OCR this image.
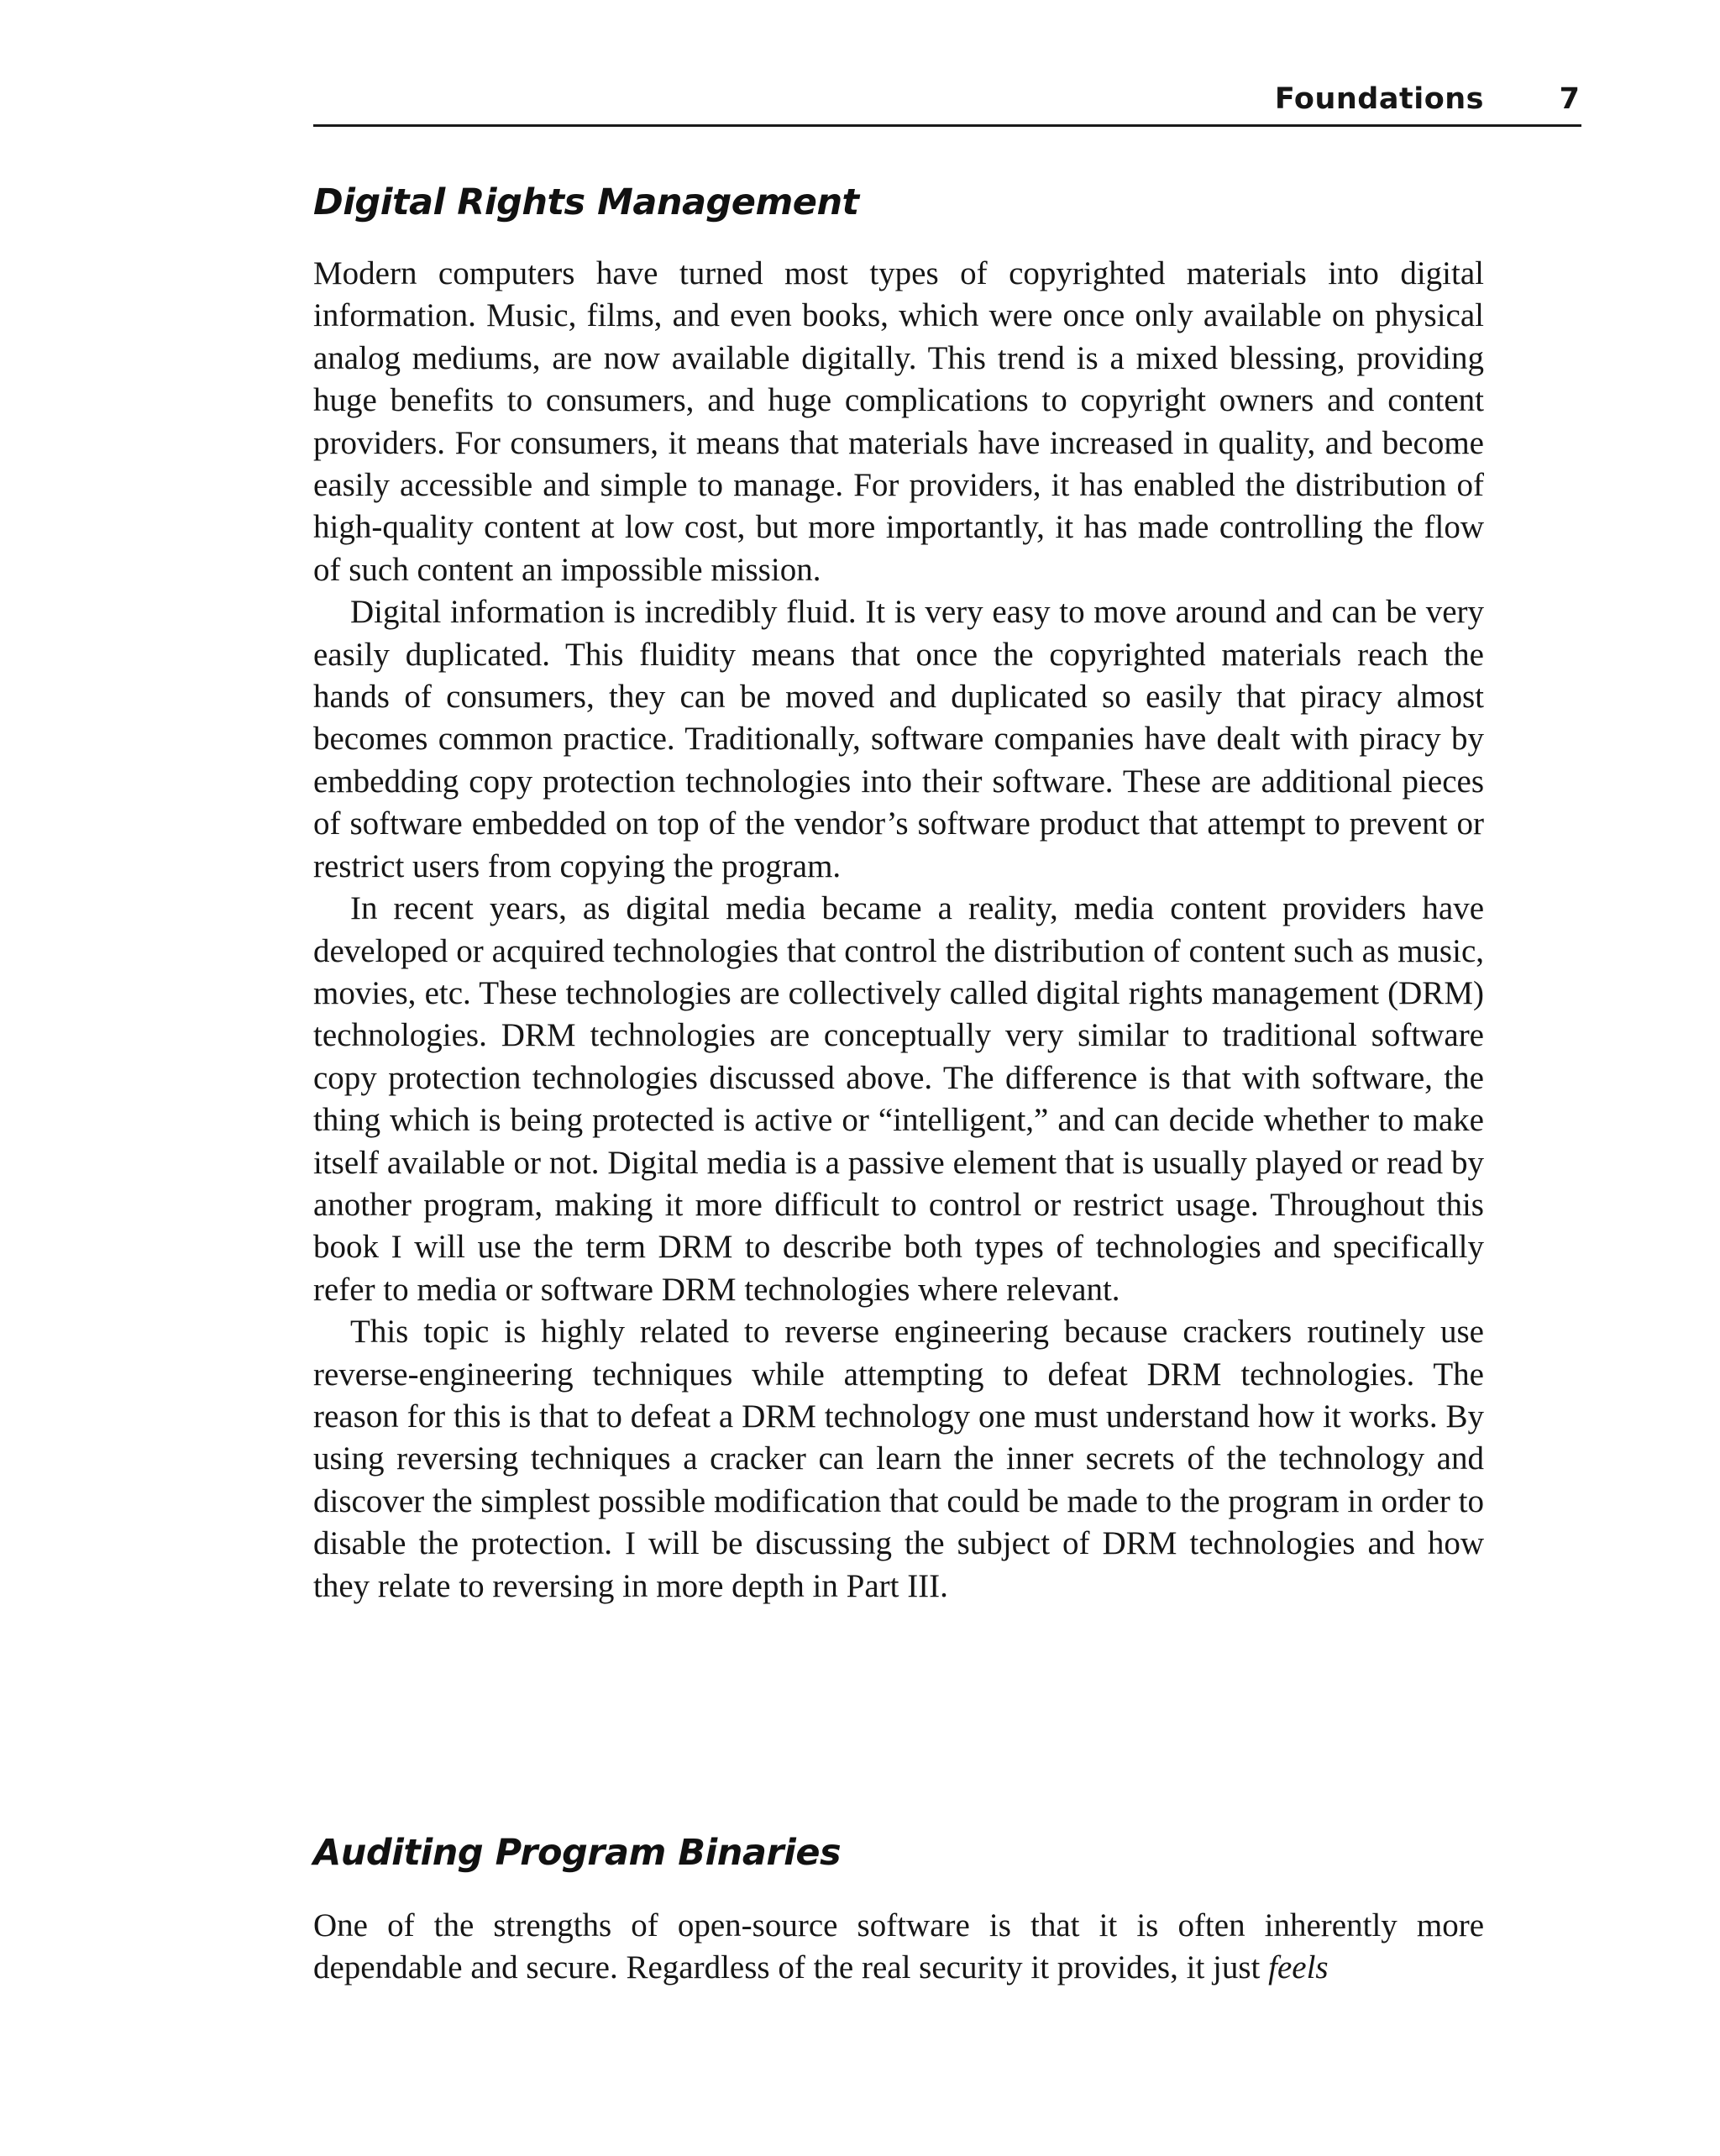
Foundations	7
Digital Rights Management

Modern computers have turned most types of copyrighted materials into digital information. Music, films, and even books, which were once only available on physical analog mediums, are now available digitally. This trend is a mixed blessing, providing huge benefits to consumers, and huge complications to copyright owners and content providers. For consumers, it means that materials have increased in quality, and become easily accessible and simple to manage. For providers, it has enabled the distribution of high-quality content at low cost, but more importantly, it has made controlling the flow of such content an impossible mission.

Digital information is incredibly fluid. It is very easy to move around and can be very easily duplicated. This fluidity means that once the copyrighted materials reach the hands of consumers, they can be moved and duplicated so easily that piracy almost becomes common practice. Traditionally, software companies have dealt with piracy by embedding copy protection technologies into their software. These are additional pieces of software embedded on top of the vendor’s software product that attempt to prevent or restrict users from copying the program.

In recent years, as digital media became a reality, media content providers have developed or acquired technologies that control the distribution of content such as music, movies, etc. These technologies are collectively called digital rights management (DRM) technologies. DRM technologies are conceptually very similar to traditional software copy protection technologies discussed above. The difference is that with software, the thing which is being protected is active or “intelligent,” and can decide whether to make itself available or not. Digital media is a passive element that is usually played or read by another program, making it more difficult to control or restrict usage. Throughout this book I will use the term DRM to describe both types of technologies and specifically refer to media or software DRM technologies where relevant.

This topic is highly related to reverse engineering because crackers routinely use reverse-engineering techniques while attempting to defeat DRM technologies. The reason for this is that to defeat a DRM technology one must understand how it works. By using reversing techniques a cracker can learn the inner secrets of the technology and discover the simplest possible modification that could be made to the program in order to disable the protection. I will be discussing the subject of DRM technologies and how they relate to reversing in more depth in Part III.

Auditing Program Binaries

One of the strengths of open-source software is that it is often inherently more dependable and secure. Regardless of the real security it provides, it just feels
